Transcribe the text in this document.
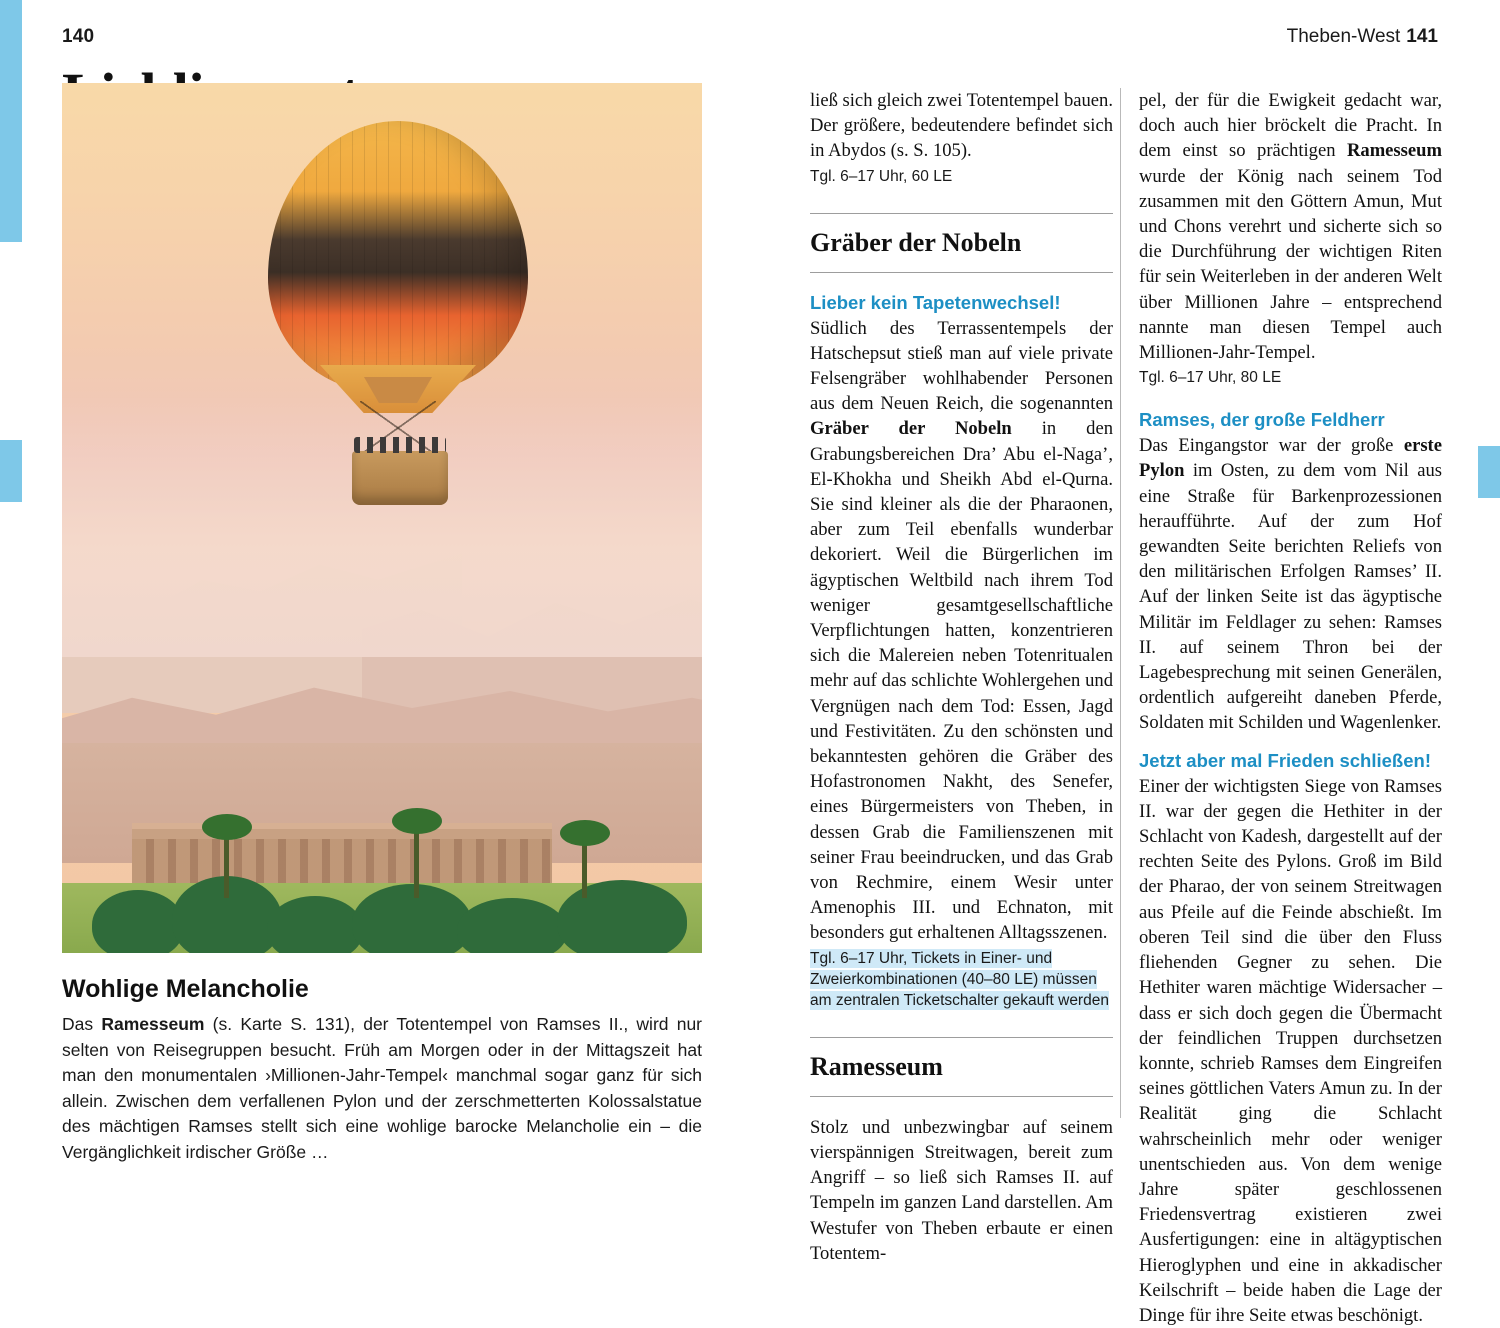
140	Theben-West 141
Wohlige Melancholie
Das Ramesseum (s. Karte S. 131), der Totentempel von Ramses II., wird nur selten von Reisegruppen besucht. Früh am Morgen oder in der Mittagszeit hat man den monumentalen ›Millionen-Jahr-Tempel‹ manchmal sogar ganz für sich allein. Zwischen dem verfallenen Pylon und der zerschmetterten Kolossalstatue des mächtigen Ramses stellt sich eine wohlige barocke Melancholie ein – die Vergänglichkeit irdischer Größe …

ließ sich gleich zwei Totentempel bauen. Der größere, bedeutendere befindet sich in Abydos (s. S. 105).

Tgl. 6–17 Uhr, 60 LE

Gräber der Nobeln
Lieber kein Tapetenwechsel!

Südlich des Terrassentempels der Hatschepsut stieß man auf viele private Felsengräber wohlhabender Personen aus dem Neuen Reich, die sogenannten Gräber der Nobeln in den Grabungsbereichen Dra’ Abu el-Naga’, El-Khokha und Sheikh Abd el-Qurna. Sie sind kleiner als die der Pharaonen, aber zum Teil ebenfalls wunderbar dekoriert. Weil die Bürgerlichen im ägyptischen Weltbild nach ihrem Tod weniger gesamtgesellschaftliche Verpflichtungen hatten, konzentrieren sich die Malereien neben Totenritualen mehr auf das schlichte Wohlergehen und Vergnügen nach dem Tod: Essen, Jagd und Festivitäten. Zu den schönsten und bekanntesten gehören die Gräber des Hofastronomen Nakht, des Senefer, eines Bürgermeisters von Theben, in dessen Grab die Familienszenen mit seiner Frau beeindrucken, und das Grab von Rechmire, einem Wesir unter Amenophis III. und Echnaton, mit besonders gut erhaltenen Alltagsszenen.

Tgl. 6–17 Uhr, Tickets in Einer- und Zweierkombinationen (40–80 LE) müssen am zentralen Ticketschalter gekauft werden

Ramesseum

Stolz und unbezwingbar auf seinem vierspännigen Streitwagen, bereit zum Angriff – so ließ sich Ramses II. auf Tempeln im ganzen Land darstellen. Am Westufer von Theben erbaute er einen Totentem-

pel, der für die Ewigkeit gedacht war, doch auch hier bröckelt die Pracht. In dem einst so prächtigen Ramesseum wurde der König nach seinem Tod zusammen mit den Göttern Amun, Mut und Chons verehrt und sicherte sich so die Durchführung der wichtigen Riten für sein Weiterleben in der anderen Welt über Millionen Jahre – entsprechend nannte man diesen Tempel auch Millionen-Jahr-Tempel.

Tgl. 6–17 Uhr, 80 LE

Ramses, der große Feldherr

Das Eingangstor war der große erste Pylon im Osten, zu dem vom Nil aus eine Straße für Barkenprozessionen heraufführte. Auf der zum Hof gewandten Seite berichten Reliefs von den militärischen Erfolgen Ramses’ II. Auf der linken Seite ist das ägyptische Militär im Feldlager zu sehen: Ramses II. auf seinem Thron bei der Lagebesprechung mit seinen Generälen, ordentlich aufgereiht daneben Pferde, Soldaten mit Schilden und Wagenlenker.

Jetzt aber mal Frieden schließen!

Einer der wichtigsten Siege von Ramses II. war der gegen die Hethiter in der Schlacht von Kadesh, dargestellt auf der rechten Seite des Pylons. Groß im Bild der Pharao, der von seinem Streitwagen aus Pfeile auf die Feinde abschießt. Im oberen Teil sind die über den Fluss fliehenden Gegner zu sehen. Die Hethiter waren mächtige Widersacher – dass er sich doch gegen die Übermacht der feindlichen Truppen durchsetzen konnte, schrieb Ramses dem Eingreifen seines göttlichen Vaters Amun zu. In der Realität ging die Schlacht wahrscheinlich mehr oder weniger unentschieden aus. Von dem wenige Jahre später geschlossenen Friedensvertrag existieren zwei Ausfertigungen: eine in altägyptischen Hieroglyphen und eine in akkadischer Keilschrift – beide haben die Lage der Dinge für ihre Seite etwas beschönigt.
